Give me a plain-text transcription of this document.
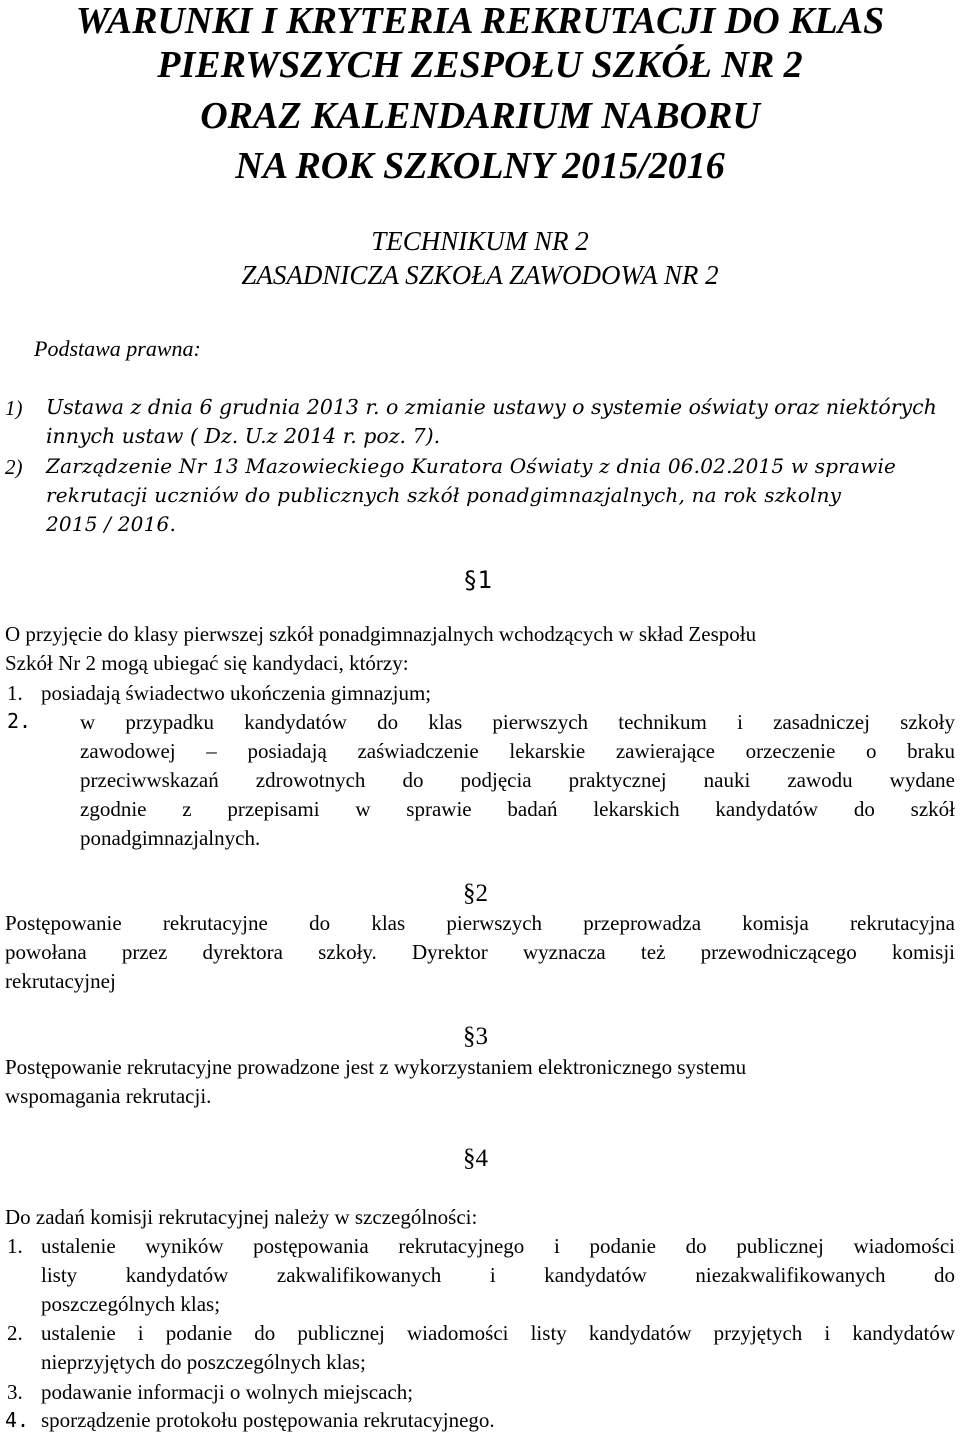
WARUNKI I KRYTERIA REKRUTACJI DO KLAS
PIERWSZYCH ZESPOŁU SZKÓŁ NR 2
ORAZ KALENDARIUM NABORU
NA ROK SZKOLNY 2015/2016
TECHNIKUM NR 2
ZASADNICZA SZKOŁA ZAWODOWA NR 2
Podstawa prawna:
1) Ustawa z dnia 6 grudnia 2013 r. o zmianie ustawy o systemie oświaty oraz niektórych
innych ustaw ( Dz. U.z 2014 r. poz. 7).
2) Zarządzenie Nr 13 Mazowieckiego Kuratora Oświaty z dnia 06.02.2015 w sprawie
rekrutacji uczniów do publicznych szkół ponadgimnazjalnych, na rok szkolny
2015 / 2016.
§1
O przyjęcie do klasy pierwszej szkół ponadgimnazjalnych wchodzących w skład Zespołu
Szkół Nr 2 mogą ubiegać się kandydaci, którzy:
1. posiadają świadectwo ukończenia gimnazjum;
2. w przypadku kandydatów do klas pierwszych technikum i zasadniczej szkoły
zawodowej – posiadają zaświadczenie lekarskie zawierające orzeczenie o braku
przeciwwskazań zdrowotnych do podjęcia praktycznej nauki zawodu wydane
zgodnie z przepisami w sprawie badań lekarskich kandydatów do szkół
ponadgimnazjalnych.
§2
Postępowanie rekrutacyjne do klas pierwszych przeprowadza komisja rekrutacyjna
powołana przez dyrektora szkoły. Dyrektor wyznacza też przewodniczącego komisji
rekrutacyjnej
§3
Postępowanie rekrutacyjne prowadzone jest z wykorzystaniem elektronicznego systemu
wspomagania rekrutacji.
§4
Do zadań komisji rekrutacyjnej należy w szczególności:
1. ustalenie wyników postępowania rekrutacyjnego i podanie do publicznej wiadomości
listy kandydatów zakwalifikowanych i kandydatów niezakwalifikowanych do
poszczególnych klas;
2. ustalenie i podanie do publicznej wiadomości listy kandydatów przyjętych i kandydatów
nieprzyjętych do poszczególnych klas;
3. podawanie informacji o wolnych miejscach;
4. sporządzenie protokołu postępowania rekrutacyjnego.
